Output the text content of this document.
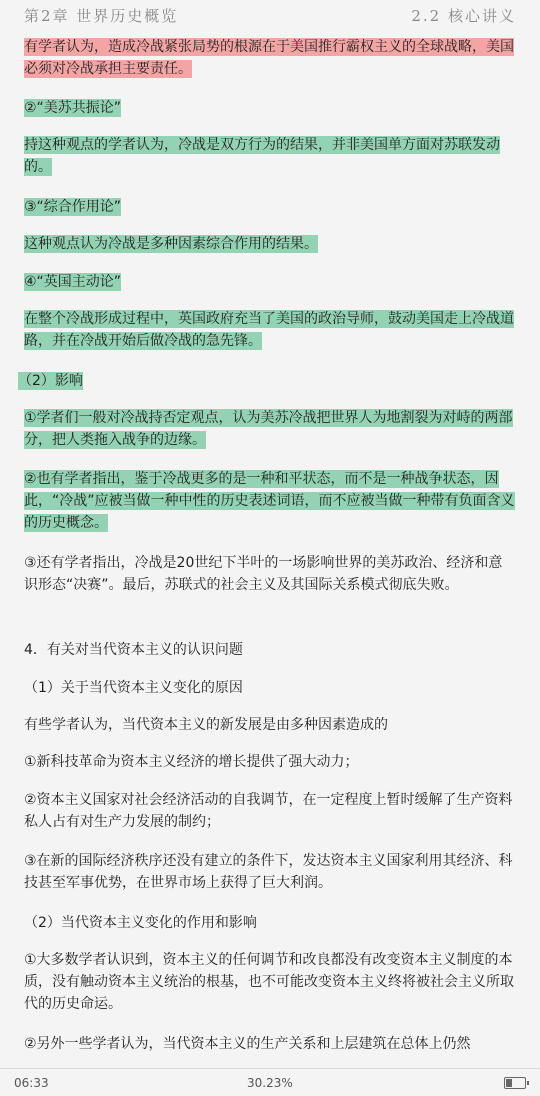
第2章 世界历史概览	2.2 核心讲义

有学者认为，造成冷战紧张局势的根源在于美国推行霸权主义的全球战略，美国必须对冷战承担主要责任。

②“美苏共振论”

持这种观点的学者认为，冷战是双方行为的结果，并非美国单方面对苏联发动的。

③“综合作用论”

这种观点认为冷战是多种因素综合作用的结果。

④“英国主动论”

在整个冷战形成过程中，英国政府充当了美国的政治导师，鼓动美国走上冷战道路，并在冷战开始后做冷战的急先锋。

（2）影响

①学者们一般对冷战持否定观点，认为美苏冷战把世界人为地割裂为对峙的两部分，把人类拖入战争的边缘。

②也有学者指出，鉴于冷战更多的是一种和平状态，而不是一种战争状态，因此，“冷战”应被当做一种中性的历史表述词语，而不应被当做一种带有负面含义的历史概念。

③还有学者指出，冷战是20世纪下半叶的一场影响世界的美苏政治、经济和意识形态“决赛”。最后，苏联式的社会主义及其国际关系模式彻底失败。

4．有关对当代资本主义的认识问题

（1）关于当代资本主义变化的原因

有些学者认为，当代资本主义的新发展是由多种因素造成的

①新科技革命为资本主义经济的增长提供了强大动力；

②资本主义国家对社会经济活动的自我调节，在一定程度上暂时缓解了生产资料私人占有对生产力发展的制约；

③在新的国际经济秩序还没有建立的条件下，发达资本主义国家利用其经济、科技甚至军事优势，在世界市场上获得了巨大利润。

（2）当代资本主义变化的作用和影响

①大多数学者认识到，资本主义的任何调节和改良都没有改变资本主义制度的本质，没有触动资本主义统治的根基，也不可能改变资本主义终将被社会主义所取代的历史命运。

②另外一些学者认为，当代资本主义的生产关系和上层建筑在总体上仍然

06:33	30.23%
